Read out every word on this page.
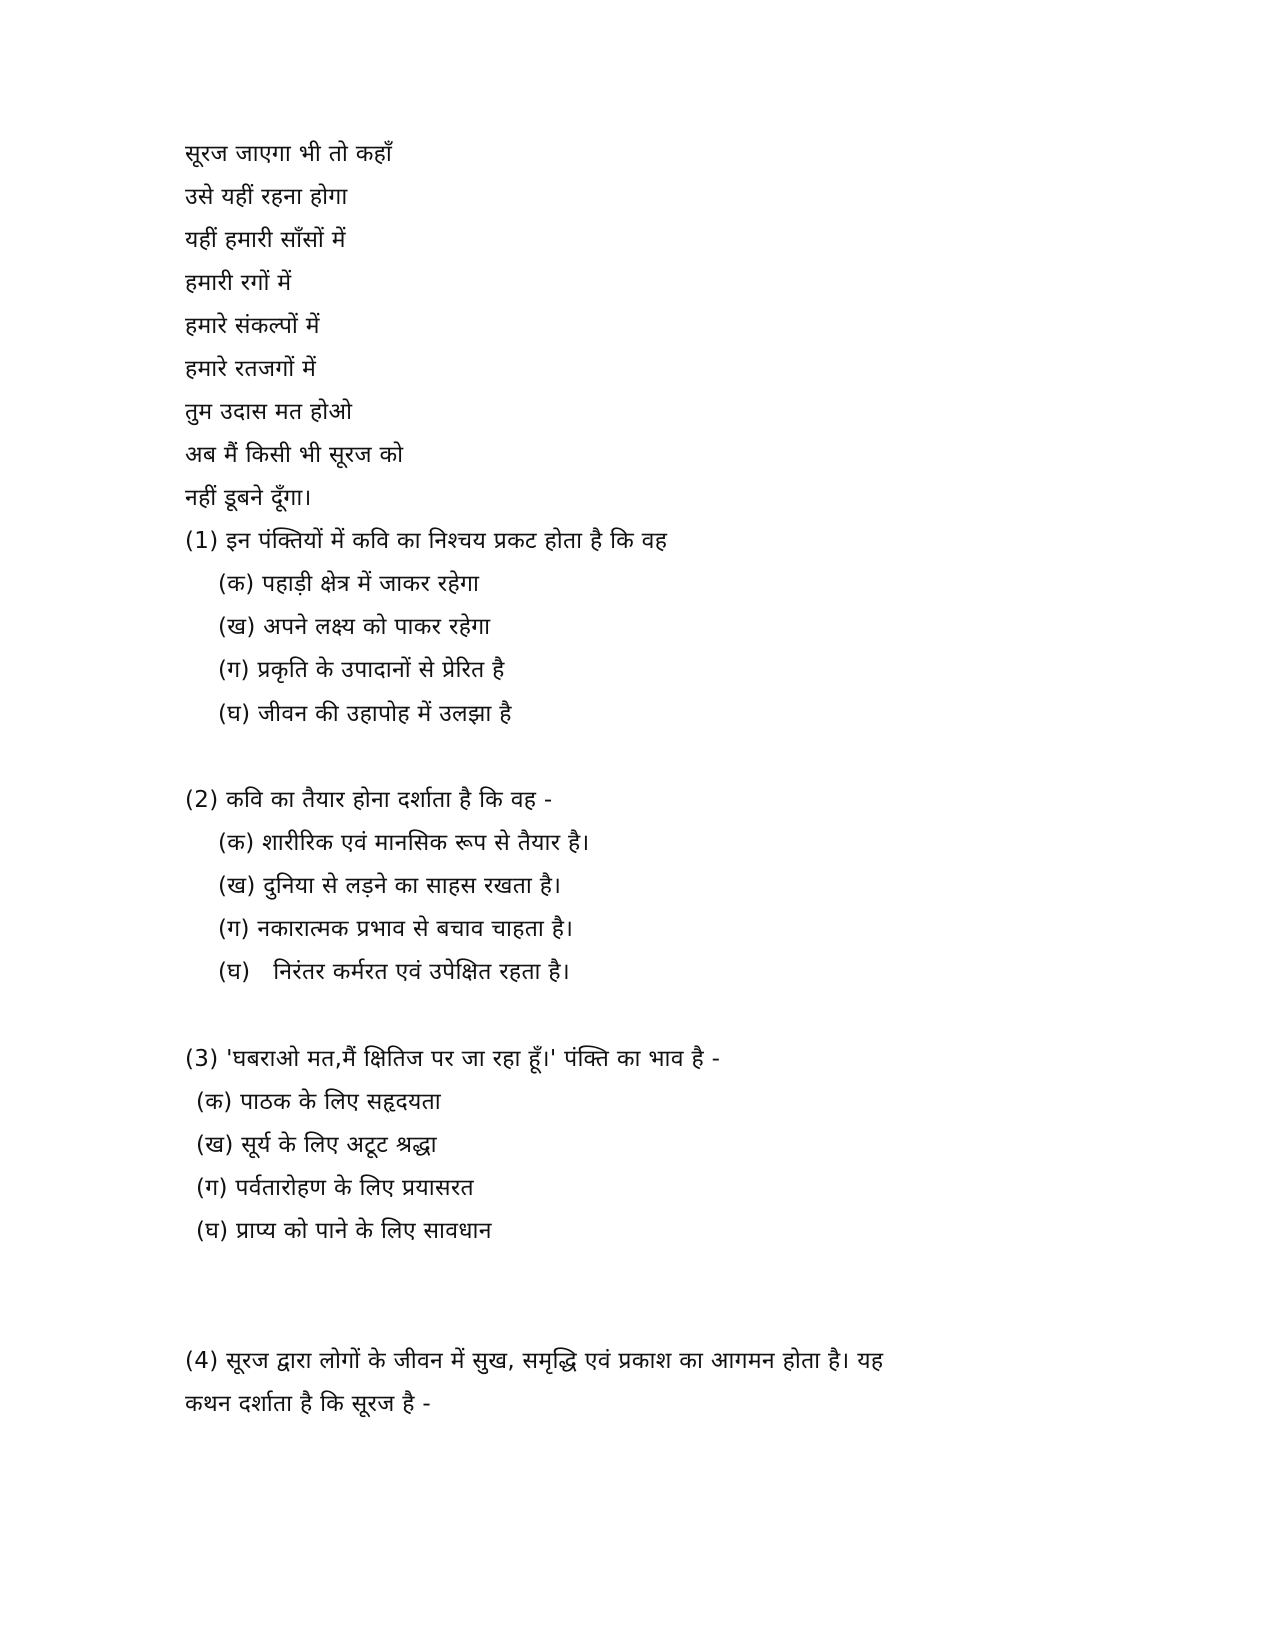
सूरज जाएगा भी तो कहाँ
उसे यहीं रहना होगा
यहीं हमारी साँसों में
हमारी रगों में
हमारे संकल्पों में
हमारे रतजगों में
तुम उदास मत होओ
अब मैं किसी भी सूरज को
नहीं डूबने दूँगा।
(1) इन पंक्तियों में कवि का निश्चय प्रकट होता है कि वह
(क) पहाड़ी क्षेत्र में जाकर रहेगा
(ख) अपने लक्ष्य को पाकर रहेगा
(ग) प्रकृति के उपादानों से प्रेरित है
(घ) जीवन की उहापोह में उलझा है
(2) कवि का तैयार होना दर्शाता है कि वह -
(क) शारीरिक एवं मानसिक रूप से तैयार है।
(ख) दुनिया से लड़ने का साहस रखता है।
(ग) नकारात्मक प्रभाव से बचाव चाहता है।
(घ)   निरंतर कर्मरत एवं उपेक्षित रहता है।
(3) 'घबराओ मत,मैं क्षितिज पर जा रहा हूँ।' पंक्ति का भाव है -
(क) पाठक के लिए सहृदयता
(ख) सूर्य के लिए अटूट श्रद्धा
(ग) पर्वतारोहण के लिए प्रयासरत
(घ) प्राप्य को पाने के लिए सावधान
(4) सूरज द्वारा लोगों के जीवन में सुख, समृद्धि एवं प्रकाश का आगमन होता है। यह
कथन दर्शाता है कि सूरज है -
